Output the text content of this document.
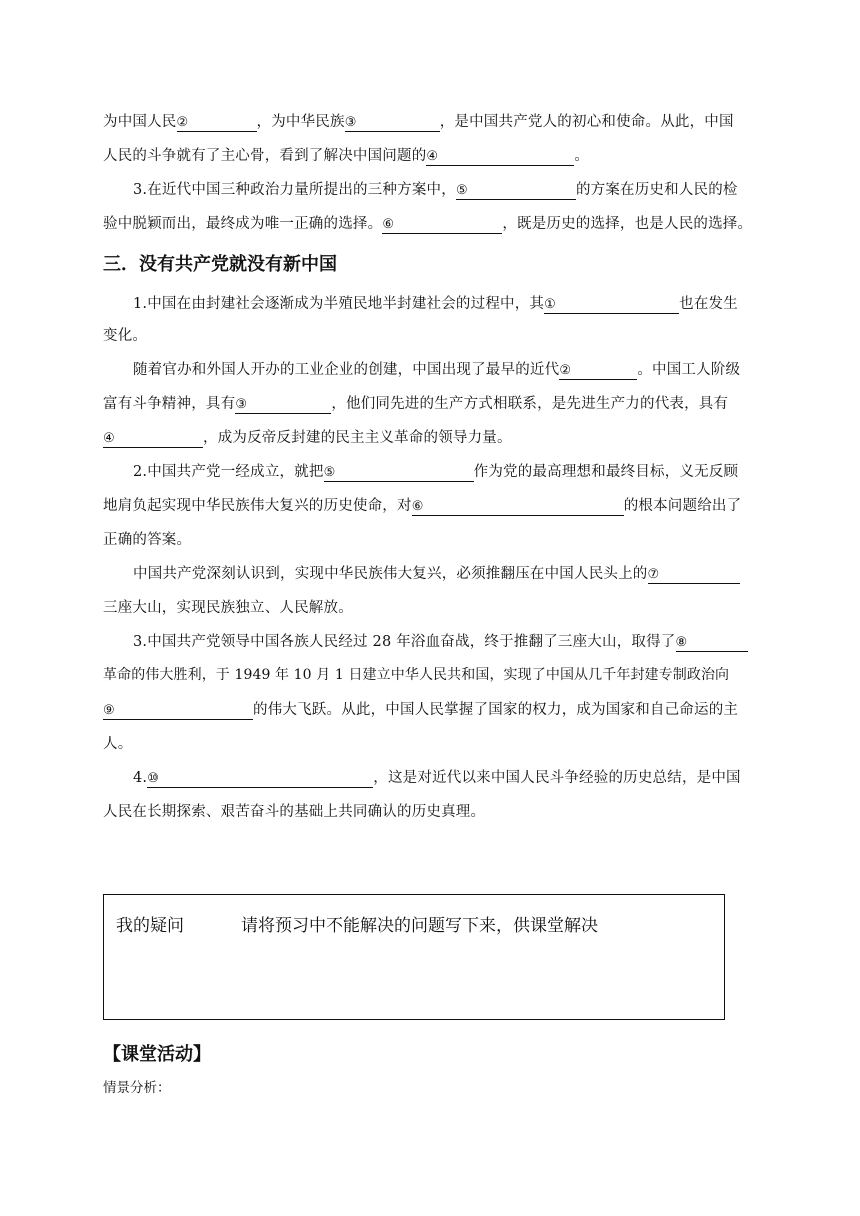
为中国人民②	，为中华民族③	，是中国共产党人的初心和使命。从此，中国
人民的斗争就有了主心骨，看到了解决中国问题的④	。
3.在近代中国三种政治力量所提出的三种方案中，⑤	的方案在历史和人民的检
验中脱颖而出，最终成为唯一正确的选择。⑥	，既是历史的选择，也是人民的选择。
三．没有共产党就没有新中国
1.中国在由封建社会逐渐成为半殖民地半封建社会的过程中，其①	也在发生
变化。
随着官办和外国人开办的工业企业的创建，中国出现了最早的近代②	。中国工人阶级
富有斗争精神，具有③	，他们同先进的生产方式相联系，是先进生产力的代表，具有
④	，成为反帝反封建的民主主义革命的领导力量。
2.中国共产党一经成立，就把⑤	作为党的最高理想和最终目标，义无反顾
地肩负起实现中华民族伟大复兴的历史使命，对⑥	的根本问题给出了
正确的答案。
中国共产党深刻认识到，实现中华民族伟大复兴，必须推翻压在中国人民头上的⑦
三座大山，实现民族独立、人民解放。
3.中国共产党领导中国各族人民经过 28 年浴血奋战，终于推翻了三座大山，取得了⑧
革命的伟大胜利，于 1949 年 10 月 1 日建立中华人民共和国，实现了中国从几千年封建专制政治向
⑨	的伟大飞跃。从此，中国人民掌握了国家的权力，成为国家和自己命运的主
人。
4.⑩	，这是对近代以来中国人民斗争经验的历史总结，是中国
人民在长期探索、艰苦奋斗的基础上共同确认的历史真理。
我的疑问	请将预习中不能解决的问题写下来，供课堂解决
【课堂活动】
情景分析：
